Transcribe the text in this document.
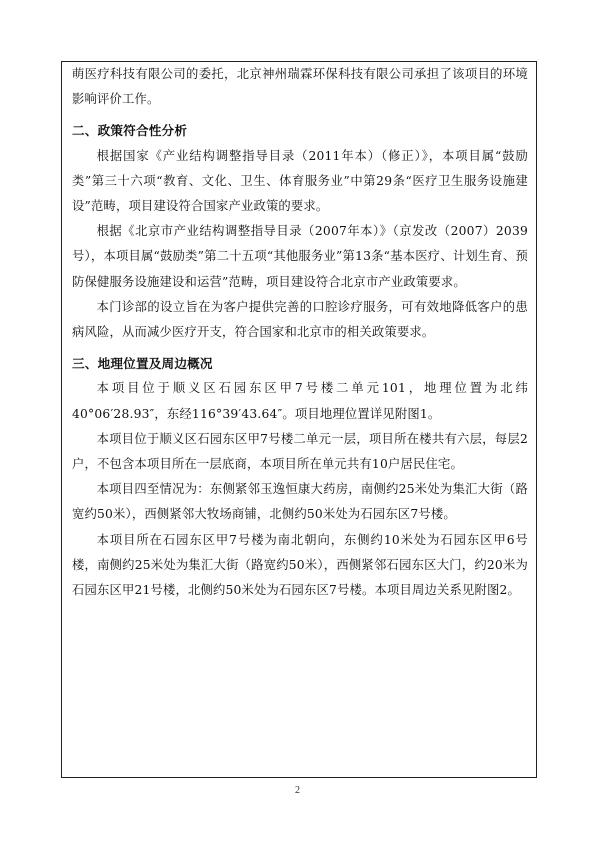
萌医疗科技有限公司的委托，北京神州瑞霖环保科技有限公司承担了该项目的环境影响评价工作。

二、政策符合性分析

根据国家《产业结构调整指导目录（2011年本）（修正）》，本项目属“鼓励类”第三十六项“教育、文化、卫生、体育服务业”中第29条“医疗卫生服务设施建设”范畴，项目建设符合国家产业政策的要求。

根据《北京市产业结构调整指导目录（2007年本）》（京发改（2007）2039号），本项目属“鼓励类”第二十五项“其他服务业”第13条“基本医疗、计划生育、预防保健服务设施建设和运营”范畴，项目建设符合北京市产业政策要求。

本门诊部的设立旨在为客户提供完善的口腔诊疗服务，可有效地降低客户的患病风险，从而减少医疗开支，符合国家和北京市的相关政策要求。

三、地理位置及周边概况

本项目位于顺义区石园东区甲7号楼二单元101，地理位置为北纬40°06′28.93″，东经116°39′43.64″。项目地理位置详见附图1。

本项目位于顺义区石园东区甲7号楼二单元一层，项目所在楼共有六层，每层2户，不包含本项目所在一层底商，本项目所在单元共有10户居民住宅。

本项目四至情况为：东侧紧邻玉逸恒康大药房，南侧约25米处为集汇大街（路宽约50米），西侧紧邻大牧场商铺，北侧约50米处为石园东区7号楼。

本项目所在石园东区甲7号楼为南北朝向，东侧约10米处为石园东区甲6号楼，南侧约25米处为集汇大街（路宽约50米），西侧紧邻石园东区大门，约20米为石园东区甲21号楼，北侧约50米处为石园东区7号楼。本项目周边关系见附图2。

2
